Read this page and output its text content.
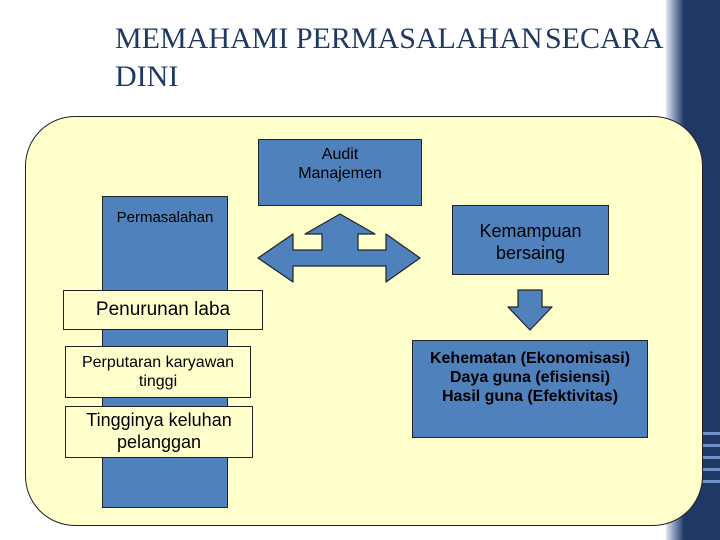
MEMAHAMI PERMASALAHAN SECARA
DINI
Audit
Manajemen
Permasalahan
Penurunan laba
Perputaran karyawan
tinggi
Tingginya keluhan
pelanggan
Kemampuan
bersaing
Kehematan (Ekonomisasi)
Daya guna (efisiensi)
Hasil guna (Efektivitas)
